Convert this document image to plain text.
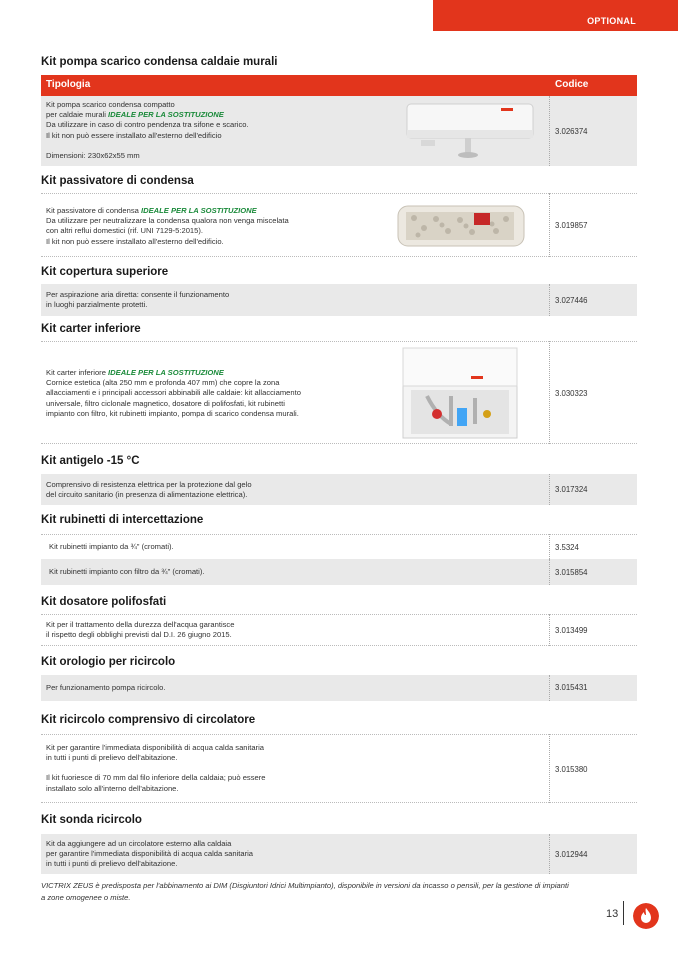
OPTIONAL
Kit pompa scarico condensa caldaie murali
Tipologia	Codice
Kit pompa scarico condensa compatto
per caldaie murali IDEALE PER LA SOSTITUZIONE
Da utilizzare in caso di contro pendenza tra sifone e scarico.
Il kit non può essere installato all'esterno dell'edificio
Dimensioni: 230x62x55 mm
3.026374
Kit passivatore di condensa
Kit passivatore di condensa IDEALE PER LA SOSTITUZIONE
Da utilizzare per neutralizzare la condensa qualora non venga miscelata
con altri reflui domestici (rif. UNI 7129-5:2015).
Il kit non può essere installato all'esterno dell'edificio.
3.019857
Kit copertura superiore
Per aspirazione aria diretta: consente il funzionamento
in luoghi parzialmente protetti.	3.027446
Kit carter inferiore
Kit carter inferiore IDEALE PER LA SOSTITUZIONE
Cornice estetica (alta 250 mm e profonda 407 mm) che copre la zona
allacciamenti e i principali accessori abbinabili alle caldaie: kit allacciamento
universale, filtro ciclonale magnetico, dosatore di polifosfati, kit rubinetti
impianto con filtro, kit rubinetti impianto, pompa di scarico condensa murali.
3.030323
Kit antigelo -15 °C
Comprensivo di resistenza elettrica per la protezione dal gelo
del circuito sanitario (in presenza di alimentazione elettrica).
3.017324
Kit rubinetti di intercettazione
Kit rubinetti impianto da ¾" (cromati).	3.5324
Kit rubinetti impianto con filtro da ¾" (cromati).	3.015854
Kit dosatore polifosfati
Kit per il trattamento della durezza dell'acqua garantisce
il rispetto degli obblighi previsti dal D.I. 26 giugno 2015.	3.013499
Kit orologio per ricircolo
Per funzionamento pompa ricircolo.	3.015431
Kit ricircolo comprensivo di circolatore
Kit per garantire l'immediata disponibilità di acqua calda sanitaria
in tutti i punti di prelievo dell'abitazione.
Il kit fuoriesce di 70 mm dal filo inferiore della caldaia; può essere
installato solo all'interno dell'abitazione.
3.015380
Kit sonda ricircolo
Kit da aggiungere ad un circolatore esterno alla caldaia
per garantire l'immediata disponibilità di acqua calda sanitaria
in tutti i punti di prelievo dell'abitazione.
3.012944
VICTRIX ZEUS è predisposta per l'abbinamento ai DIM (Disgiuntori Idrici Multimpianto), disponibile in versioni da incasso o pensili, per la gestione di impianti
a zone omogenee o miste.
13
